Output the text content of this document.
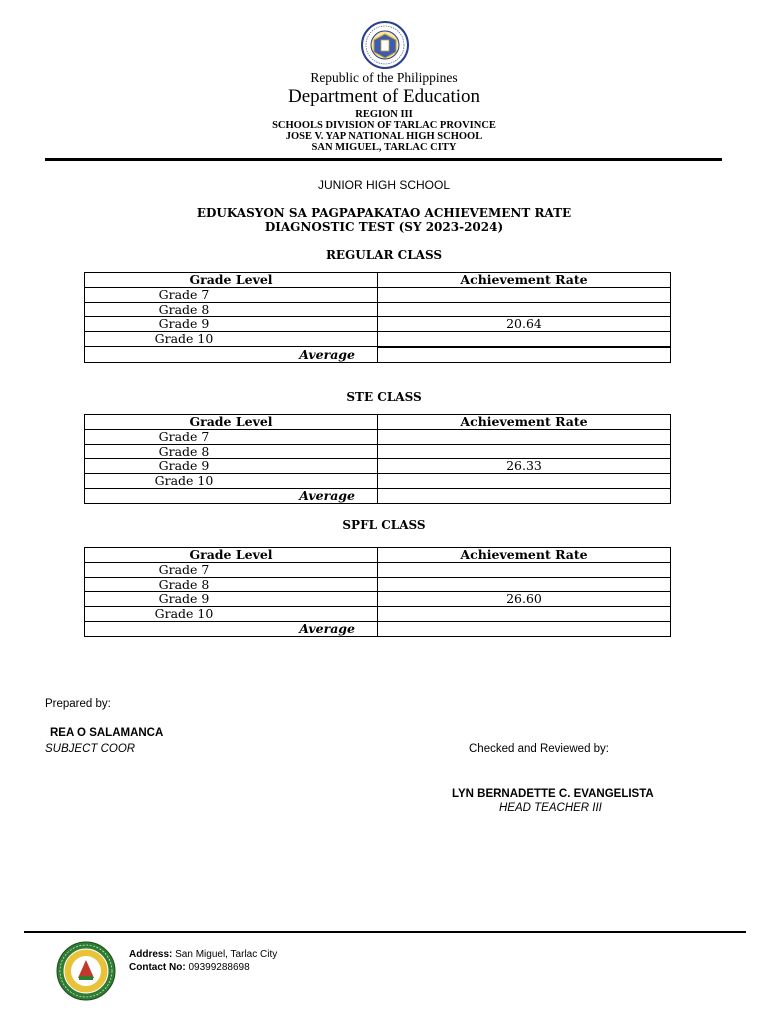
Republic of the Philippines
Department of Education
REGION III
SCHOOLS DIVISION OF TARLAC PROVINCE
JOSE V. YAP NATIONAL HIGH SCHOOL
SAN MIGUEL, TARLAC CITY
JUNIOR HIGH SCHOOL
EDUKASYON SA PAGPAPAKATAO ACHIEVEMENT RATE
DIAGNOSTIC TEST (SY 2023-2024)
REGULAR CLASS
Grade Level	Achievement Rate
Grade 7	
Grade 8	
Grade 9	20.64
Grade 10	
Average	
STE CLASS
Grade Level	Achievement Rate
Grade 7	
Grade 8	
Grade 9	26.33
Grade 10	
Average	
SPFL CLASS
Grade Level	Achievement Rate
Grade 7	
Grade 8	
Grade 9	26.60
Grade 10	
Average	
Prepared by:
REA O SALAMANCA
SUBJECT COOR	Checked and Reviewed by:
LYN BERNADETTE C. EVANGELISTA
HEAD TEACHER III
Address: San Miguel, Tarlac City
Contact No: 09399288698
